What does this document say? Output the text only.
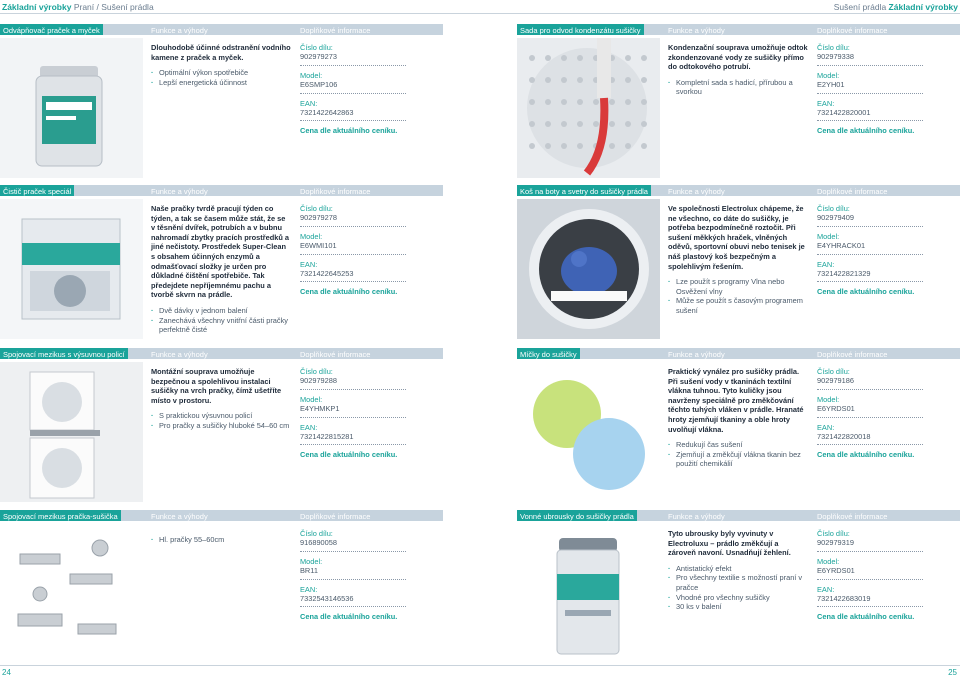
Základní výrobky Praní / Sušení prádla	Sušení prádla Základní výrobky
Odvápňovač praček a myček	Funkce a výhody	Doplňkové informace
Dlouhodobě účinné odstranění vodního kamene z praček a myček.
· Optimální výkon spotřebiče
· Lepší energetická účinnost
Číslo dílu:
902979273
Model:
E6SMP106
EAN:
7321422642863
Cena dle aktuálního ceníku.
Sada pro odvod kondenzátu sušičky	Funkce a výhody	Doplňkové informace
Kondenzační souprava umožňuje odtok zkondenzované vody ze sušičky přímo do odtokového potrubí.
· Kompletní sada s hadicí, přírubou a svorkou
Číslo dílu:
902979338
Model:
E2YH01
EAN:
7321422820001
Cena dle aktuálního ceníku.
Čistič praček speciál	Funkce a výhody	Doplňkové informace
Naše pračky tvrdě pracují týden co týden, a tak se časem může stát, že se v těsnění dvířek, potrubích a v bubnu nahromadí zbytky pracích prostředků a jiné nečistoty. Prostředek Super-Clean s obsahem účinných enzymů a odmašťovací složky je určen pro důkladné čištění spotřebiče. Tak předejdete nepříjemnému pachu a tvorbě skvrn na prádle.
· Dvě dávky v jednom balení
· Zanechává všechny vnitřní části pračky perfektně čisté
Číslo dílu:
902979278
Model:
E6WMI101
EAN:
7321422645253
Cena dle aktuálního ceníku.
Koš na boty a svetry do sušičky prádla	Funkce a výhody	Doplňkové informace
Ve společnosti Electrolux chápeme, že ne všechno, co dáte do sušičky, je potřeba bezpodmínečně roztočit. Při sušení měkkých hraček, vlněných oděvů, sportovní obuvi nebo tenisek je náš plastový koš bezpečným a spolehlivým řešením.
· Lze použít s programy Vlna nebo Osvěžení vlny
· Může se použít s časovým programem sušení
Číslo dílu:
902979409
Model:
E4YHRACK01
EAN:
7321422821329
Cena dle aktuálního ceníku.
Spojovací mezikus s výsuvnou policí	Funkce a výhody	Doplňkové informace
Montážní souprava umožňuje bezpečnou a spolehlivou instalaci sušičky na vrch pračky, čímž ušetříte místo v prostoru.
· S praktickou výsuvnou policí
· Pro pračky a sušičky hluboké 54–60 cm
Číslo dílu:
902979288
Model:
E4YHMKP1
EAN:
7321422815281
Cena dle aktuálního ceníku.
Míčky do sušičky	Funkce a výhody	Doplňkové informace
Praktický vynález pro sušičky prádla. Při sušení vody v tkaninách textilní vlákna tuhnou. Tyto kuličky jsou navrženy speciálně pro změkčování těchto tuhých vláken v prádle. Hranaté hroty zjemňují tkaniny a oble hroty uvolňují vlákna.
· Redukují čas sušení
· Zjemňují a změkčují vlákna tkanin bez použití chemikálií
Číslo dílu:
902979186
Model:
E6YRDS01
EAN:
7321422820018
Cena dle aktuálního ceníku.
Spojovací mezikus pračka-sušička	Funkce a výhody	Doplňkové informace
· Hl. pračky 55–60cm
Číslo dílu:
916890058
Model:
BR11
EAN:
7332543146536
Cena dle aktuálního ceníku.
Vonné ubrousky do sušičky prádla	Funkce a výhody	Doplňkové informace
Tyto ubrousky byly vyvinuty v Electroluxu – prádlo změkčují a zároveň navoní. Usnadňují žehlení.
· Antistatický efekt
· Pro všechny textilie s možností praní v pračce
· Vhodné pro všechny sušičky
· 30 ks v balení
Číslo dílu:
902979319
Model:
E6YRDS01
EAN:
7321422683019
Cena dle aktuálního ceníku.
24	25
